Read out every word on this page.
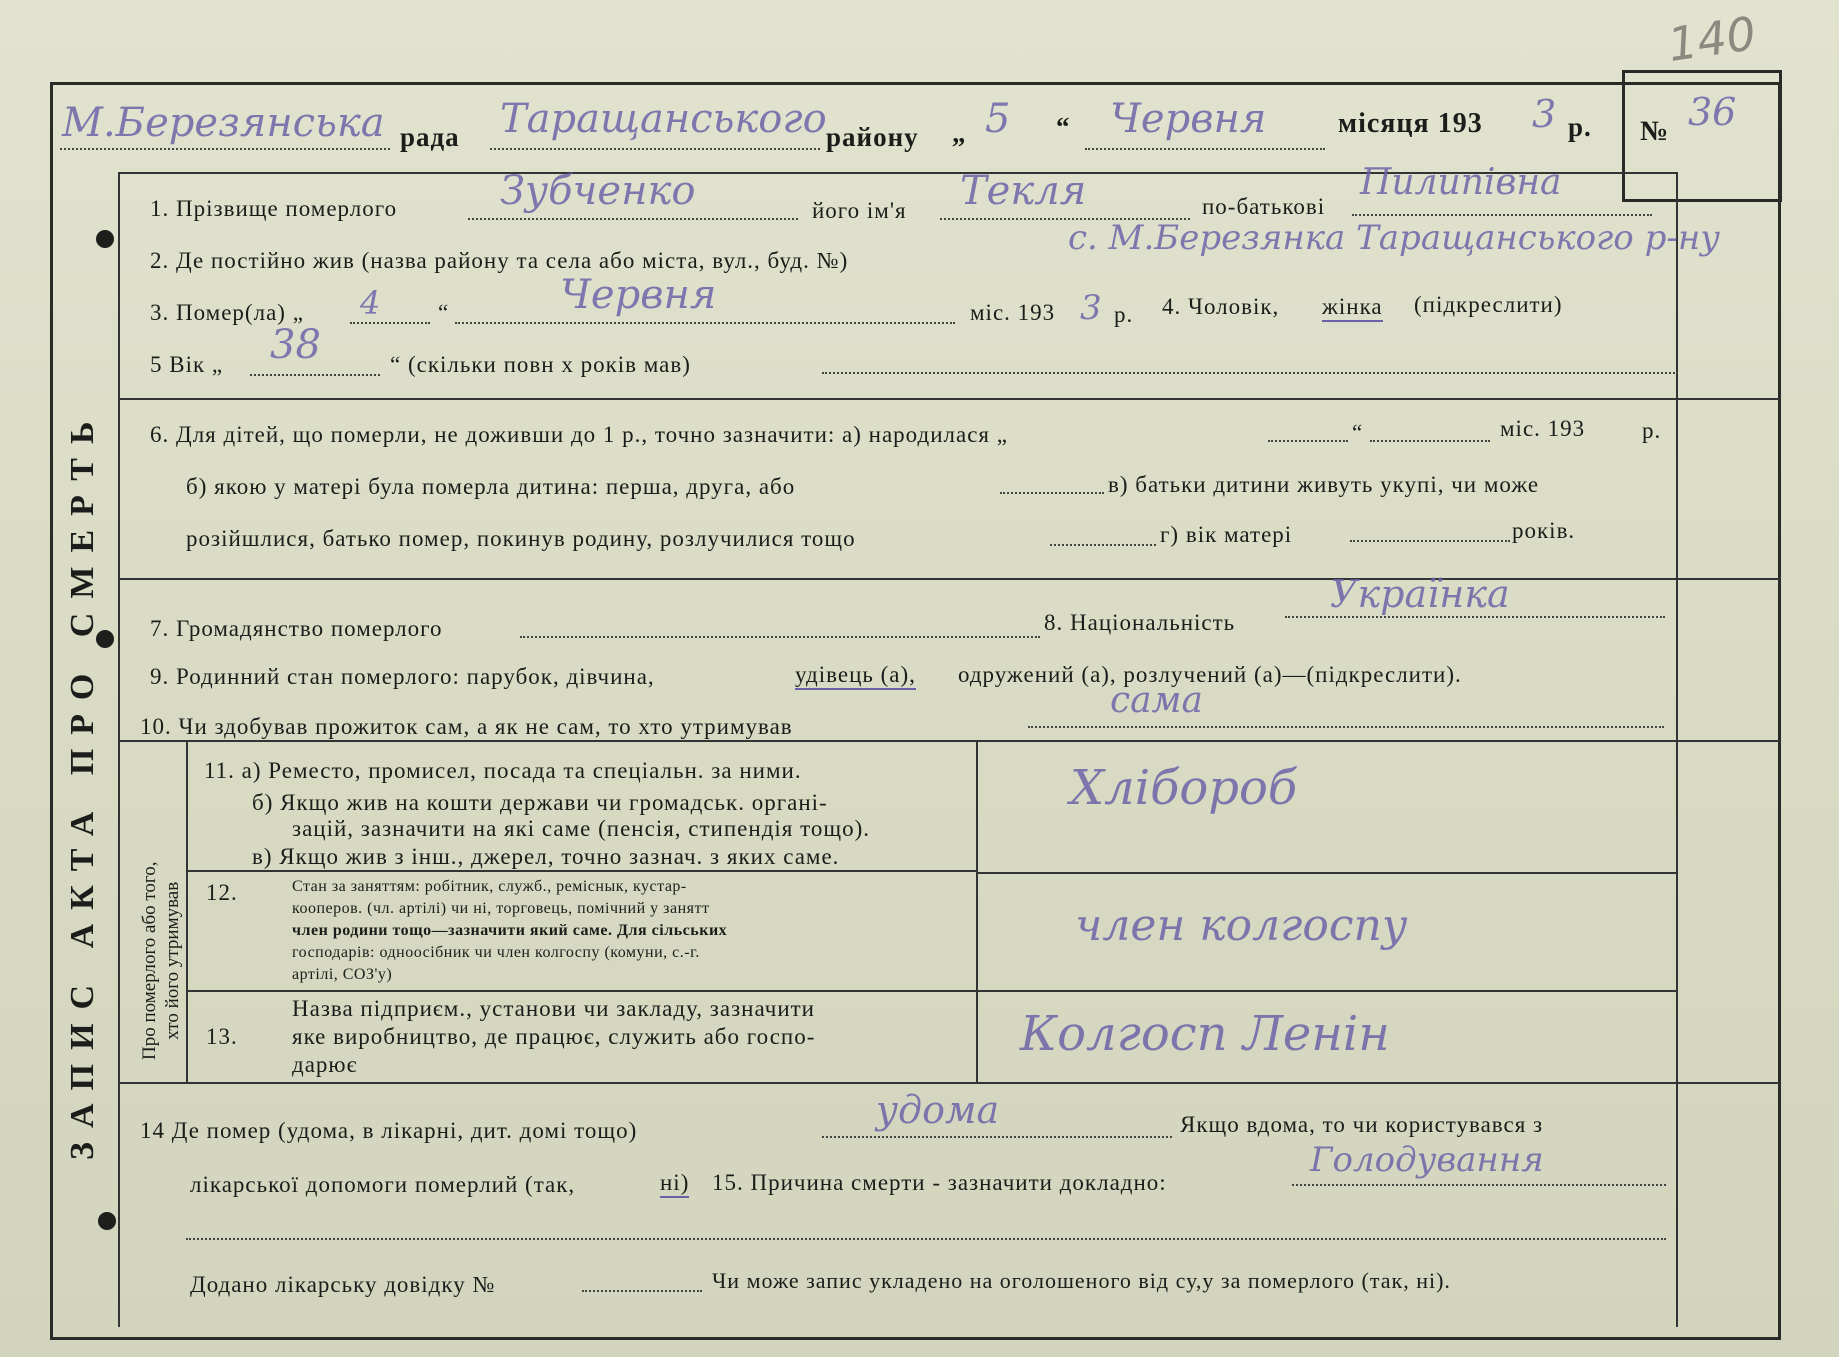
140
ЗАПИС АКТА ПРО СМЕРТЬ
М.Березянська рада Таращанського району „ 5 “ Червня	місяця 193 3 р. № 36
1. Прізвище померлого	Зубченко	його ім'я Текля	по-батькові
Пилипівна
2. Де постійно жив (назва району та села або міста, вул., буд. №)
с. М.Березянка Таращанського р-ну
3. Помер(ла) „ 4	“	Червня	міс. 193 3 р. 4. Чоловік, жінка (підкреслити)
5 Вік „ 38	“ (скільки повн х років мав)
6. Для дітей, що померли, не доживши до 1 р., точно зазначити: а) народилася „	“	міс. 193 р.
б) якою у матері була померла дитина: перша, друга, або	в) батьки дитини живуть укупі, чи може
розійшлися, батько помер, покинув родину, розлучилися тощо	г) вік матері	років.
7. Громадянство померлого	8. Національність
Українка
9. Родинний стан померлого: парубок, дівчина,	удівець (а), одружений (а), розлучений (а)—(підкреслити).
10. Чи здобував прожиток сам, а як не сам, то хто утримував
сама
Про померлого або того,
хто його утримував
11. а) Реместо, промисел, посада та спеціальн. за ними.
б) Якщо жив на кошти держави чи громадськ. органі-
зацій, зазначити на які саме (пенсія, стипендія тощо).
в) Якщо жив з інш., джерел, точно зазнач. з яких саме.
Хлібороб
12.	Стан за заняттям: робітник, служб., реміснык, кустар-
кооперов. (чл. артілі) чи ні, торговець, помічний у занятт
член родини тощо—зазначити який саме. Для сільських
господарів: одноосібник чи член колгоспу (комуни, с.-г.
артілі, СОЗ'у)
член колгоспу
13.
Назва підприєм., установи чи закладу, зазначити
яке виробництво, де працює, служить або госпо-
дарює
Колгосп Ленін
14 Де помер (удома, в лікарні, дит. домі тощо)	удома	Якщо вдома, то чи користувався з
лікарської допомоги померлий (так,	ні) 15. Причина смерти - зазначити докладно:
Голодування
Додано лікарську довідку №	Чи може запис укладено на оголошеного від су,у за померлого (так, ні).
